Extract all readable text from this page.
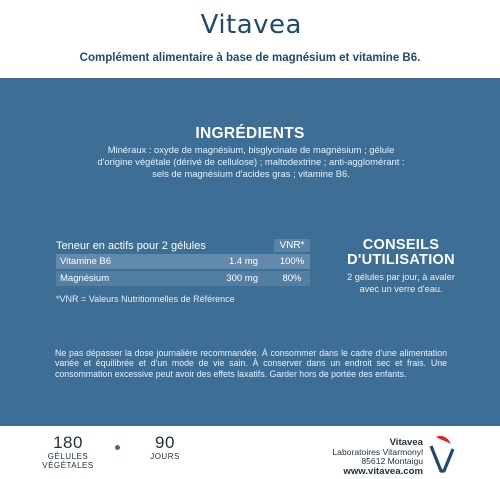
Vitavea
Complément alimentaire à base de magnésium et vitamine B6.
INGRÉDIENTS
Minéraux : oxyde de magnésium, bisglycinate de magnésium ; gélule
d'origine végétale (dérivé de cellulose) ; maltodextrine ; anti-agglomérant :
sels de magnésium d'acides gras ; vitamine B6.
Teneur en actifs pour 2 gélules	VNR*
Vitamine B6	1.4 mg	100%
Magnésium	300 mg	80%
*VNR = Valeurs Nutritionnelles de Référence
CONSEILS
D'UTILISATION
2 gélules par jour, à avaler
avec un verre d'eau.
Ne pas dépasser la dose journalière recommandée. À consommer dans le cadre d'une alimentation variée et équilibrée et d'un mode de vie sain. À conserver dans un endroit sec et frais. Une consommation excessive peut avoir des effets laxatifs. Garder hors de portée des enfants.
180
GÉLULES
VÉGÉTALES
90
JOURS
Vitavea
Laboratoires Vitarmonyl
85612 Montaigu
www.vitavea.com
